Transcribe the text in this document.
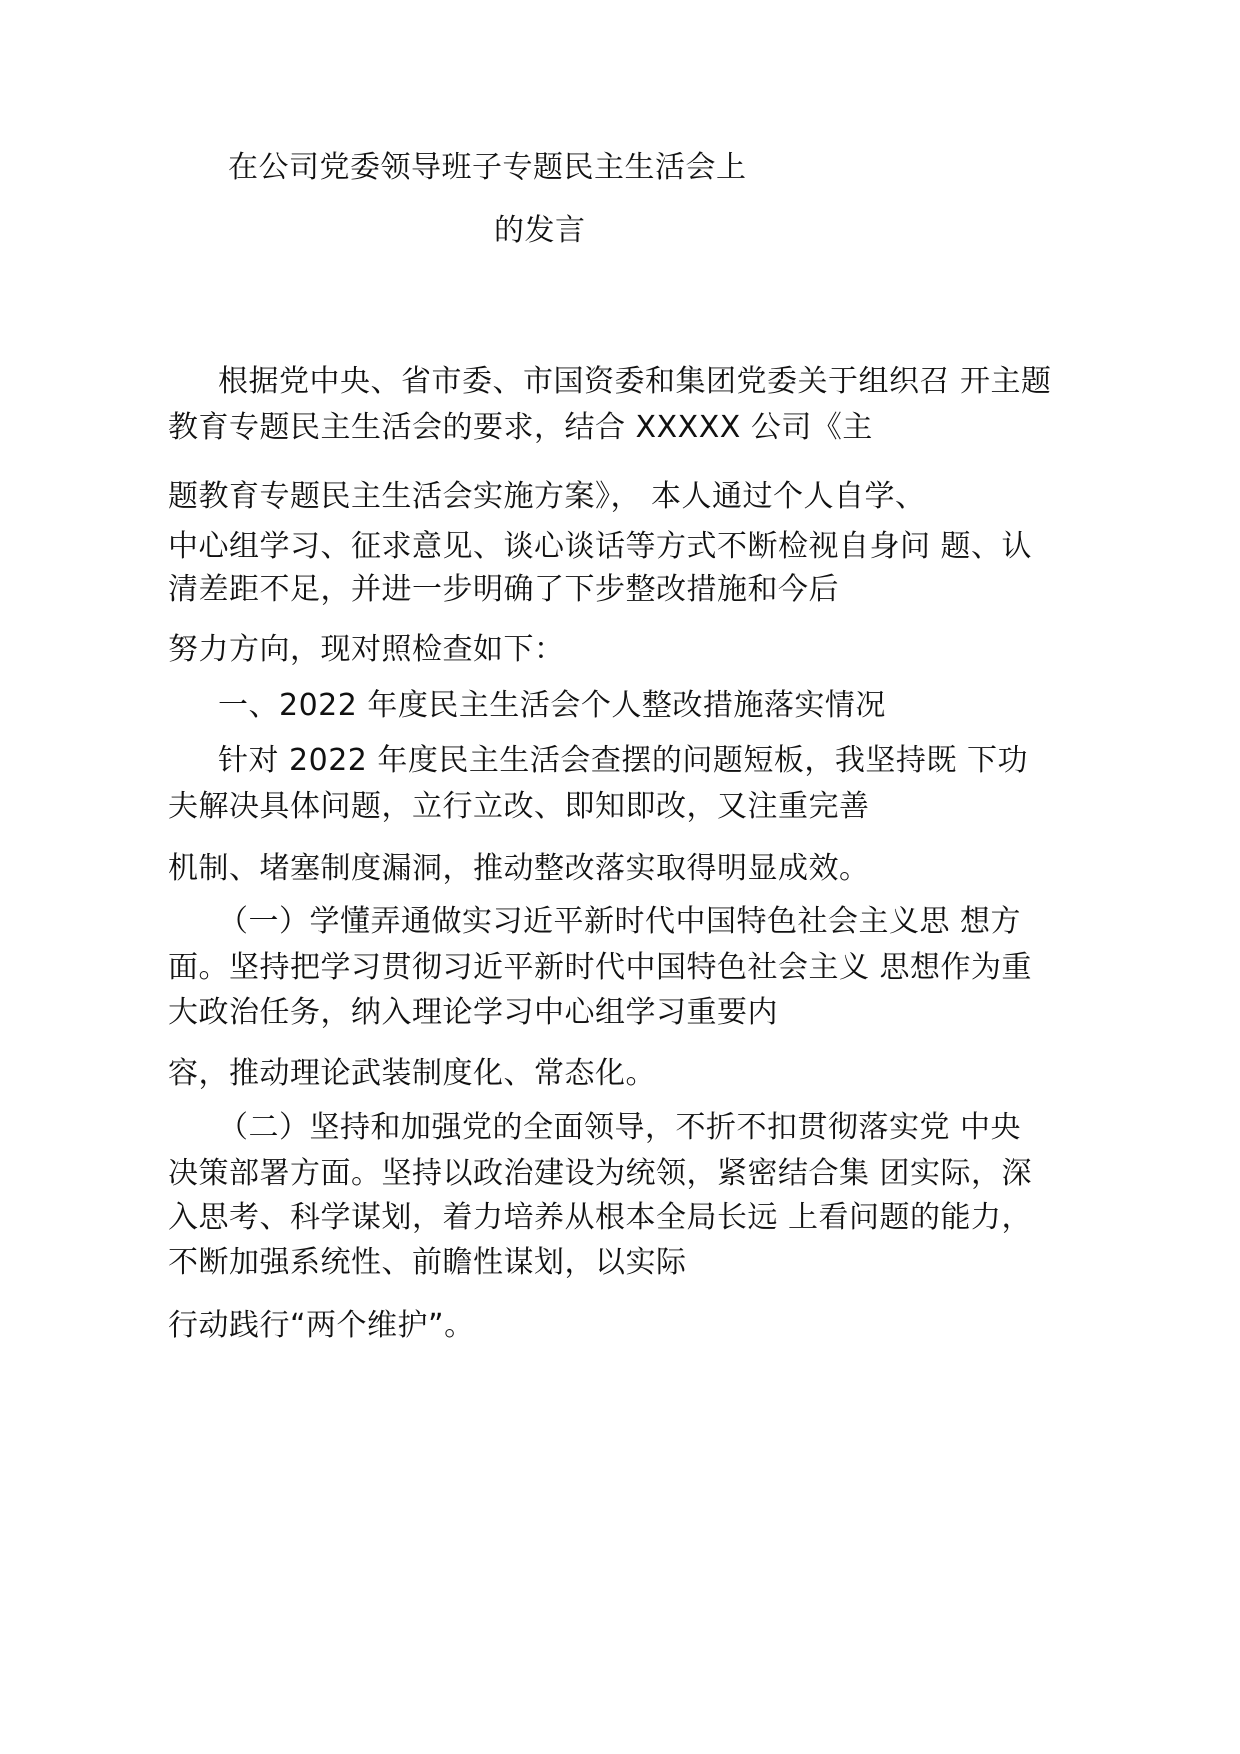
在公司党委领导班子专题民主生活会上
的发言
根据党中央、省市委、市国资委和集团党委关于组织召 开主题
教育专题民主生活会的要求，结合 XXXXX 公司《主
题教育专题民主生活会实施方案》， 本人通过个人自学、
中心组学习、征求意见、谈心谈话等方式不断检视自身问 题、认
清差距不足，并进一步明确了下步整改措施和今后
努力方向，现对照检查如下：
一、2022 年度民主生活会个人整改措施落实情况
针对 2022 年度民主生活会查摆的问题短板，我坚持既 下功
夫解决具体问题，立行立改、即知即改，又注重完善
机制、堵塞制度漏洞，推动整改落实取得明显成效。
（一）学懂弄通做实习近平新时代中国特色社会主义思 想方
面。坚持把学习贯彻习近平新时代中国特色社会主义 思想作为重
大政治任务，纳入理论学习中心组学习重要内
容，推动理论武装制度化、常态化。
（二）坚持和加强党的全面领导，不折不扣贯彻落实党 中央
决策部署方面。坚持以政治建设为统领，紧密结合集 团实际，深
入思考、科学谋划，着力培养从根本全局长远 上看问题的能力，
不断加强系统性、前瞻性谋划，以实际
行动践行“两个维护”。
